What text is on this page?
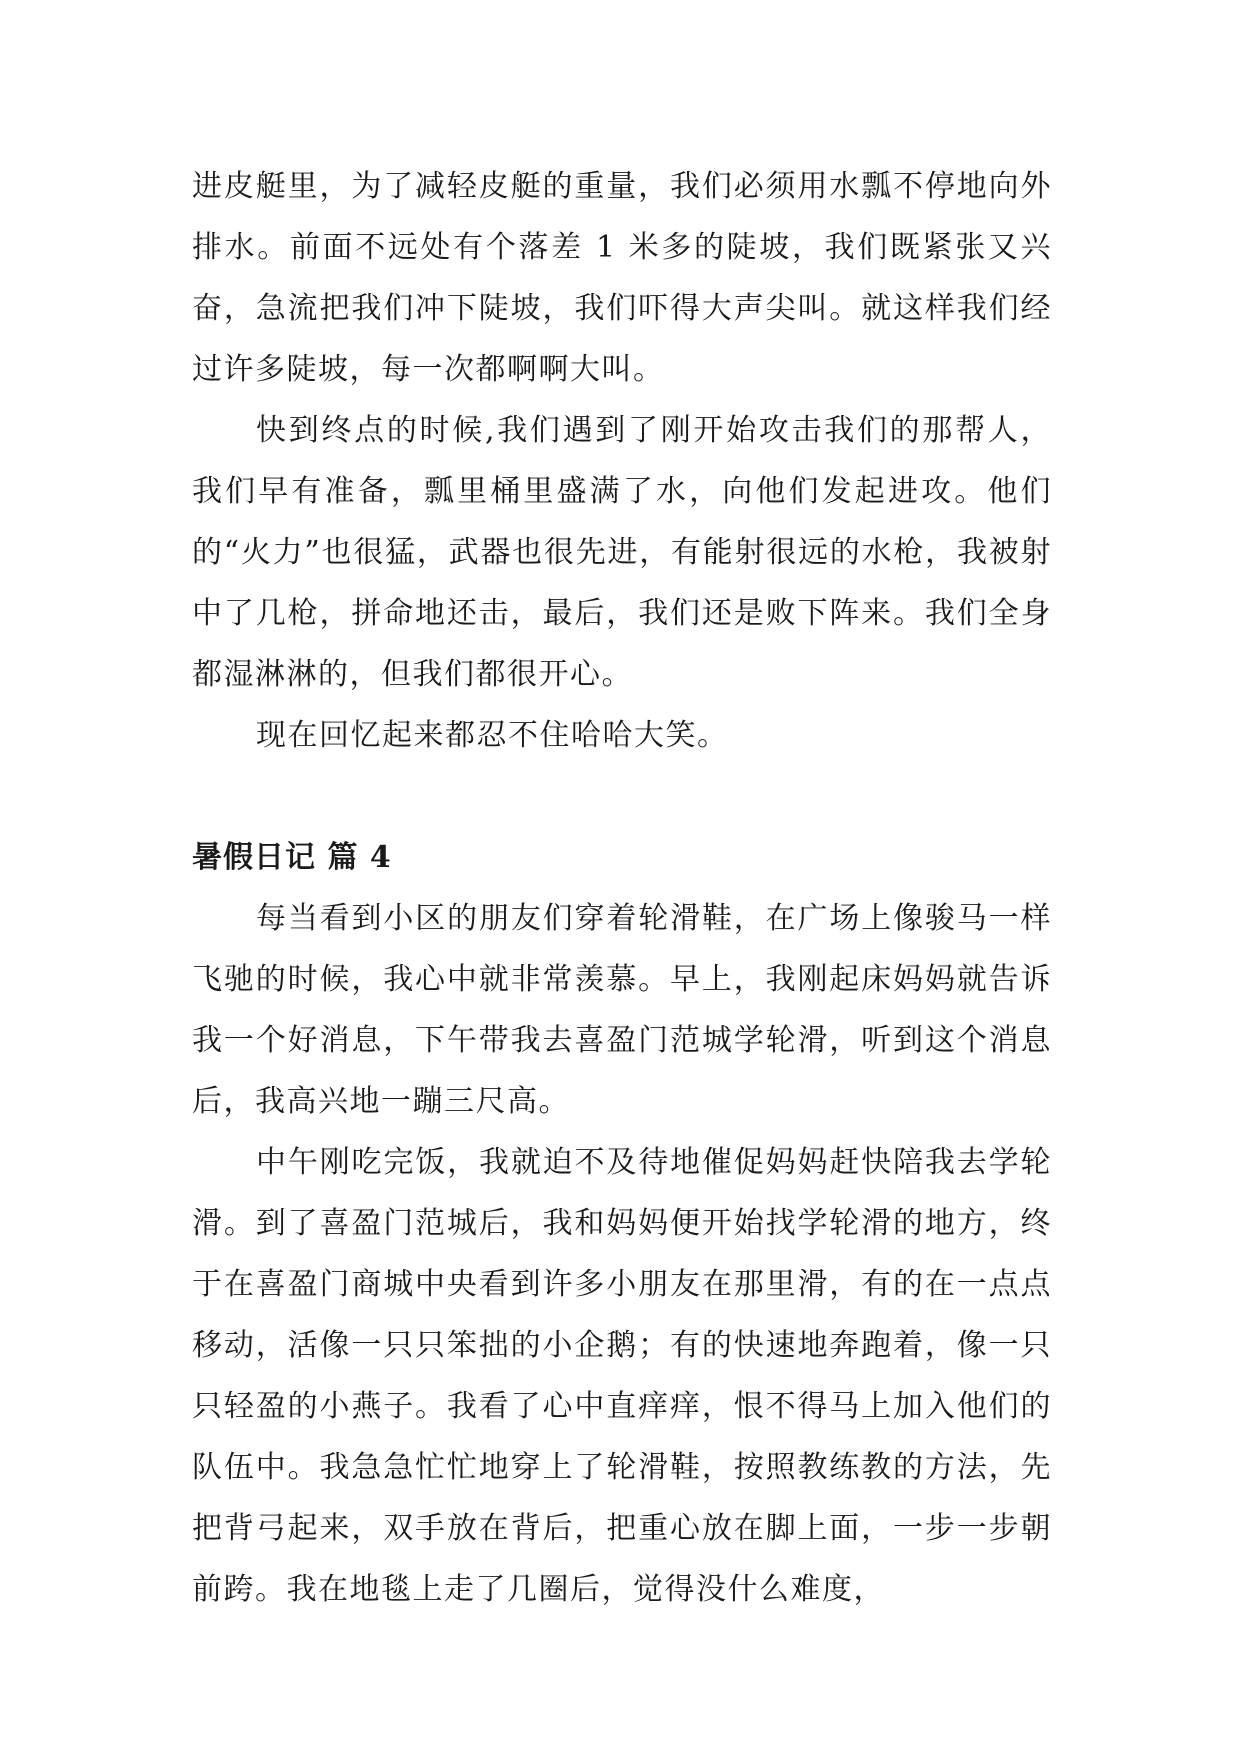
进皮艇里，为了减轻皮艇的重量，我们必须用水瓢不停地向外排水。前面不远处有个落差 1 米多的陡坡，我们既紧张又兴奋，急流把我们冲下陡坡，我们吓得大声尖叫。就这样我们经过许多陡坡，每一次都啊啊大叫。

快到终点的时候,我们遇到了刚开始攻击我们的那帮人，我们早有准备，瓢里桶里盛满了水，向他们发起进攻。他们的“火力”也很猛，武器也很先进，有能射很远的水枪，我被射中了几枪，拼命地还击，最后，我们还是败下阵来。我们全身都湿淋淋的，但我们都很开心。

现在回忆起来都忍不住哈哈大笑。

暑假日记 篇 4

每当看到小区的朋友们穿着轮滑鞋，在广场上像骏马一样飞驰的时候，我心中就非常羡慕。早上，我刚起床妈妈就告诉我一个好消息，下午带我去喜盈门范城学轮滑，听到这个消息后，我高兴地一蹦三尺高。

中午刚吃完饭，我就迫不及待地催促妈妈赶快陪我去学轮滑。到了喜盈门范城后，我和妈妈便开始找学轮滑的地方，终于在喜盈门商城中央看到许多小朋友在那里滑，有的在一点点移动，活像一只只笨拙的小企鹅；有的快速地奔跑着，像一只只轻盈的小燕子。我看了心中直痒痒，恨不得马上加入他们的队伍中。我急急忙忙地穿上了轮滑鞋，按照教练教的方法，先把背弓起来，双手放在背后，把重心放在脚上面，一步一步朝前跨。我在地毯上走了几圈后，觉得没什么难度，
